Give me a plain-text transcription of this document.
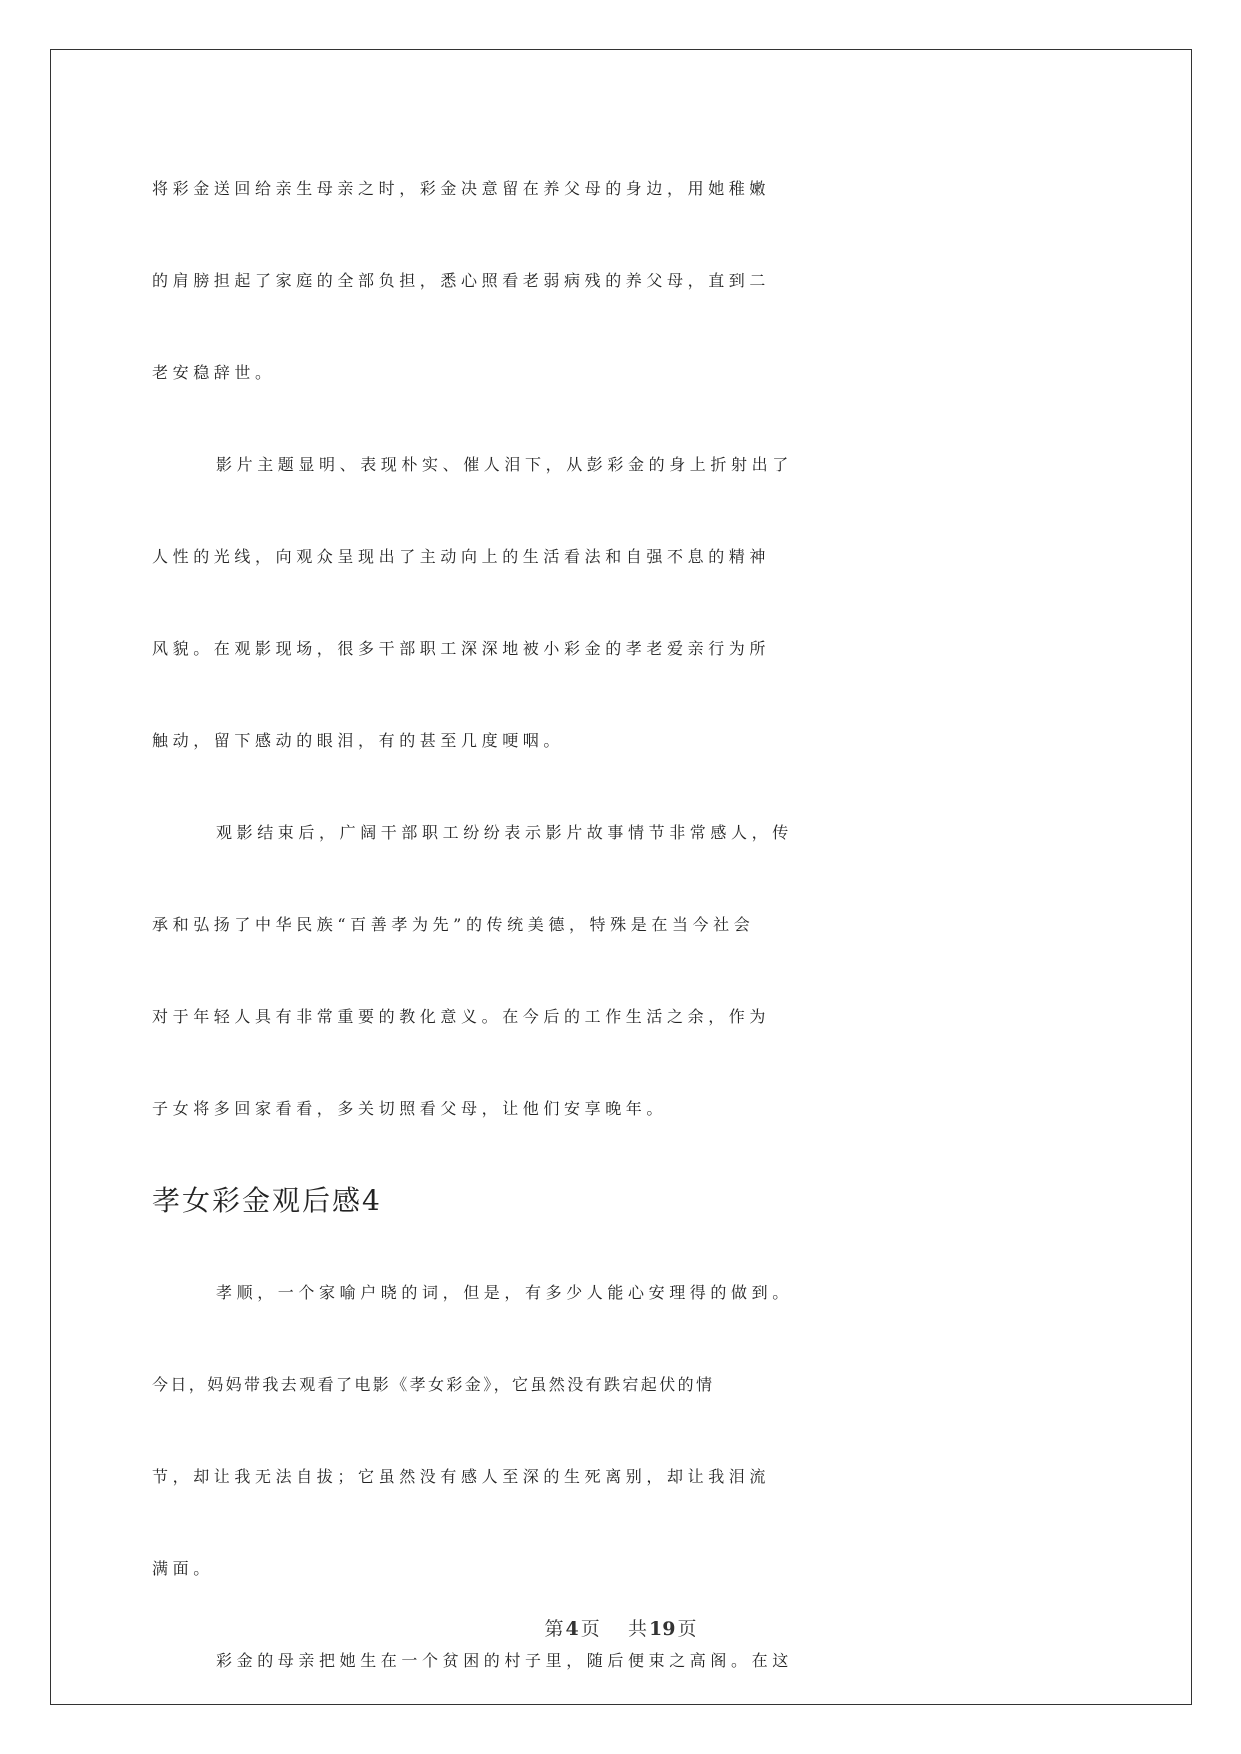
将彩金送回给亲生母亲之时，彩金决意留在养父母的身边，用她稚嫩
的肩膀担起了家庭的全部负担，悉心照看老弱病残的养父母，直到二
老安稳辞世。
影片主题显明、表现朴实、催人泪下，从彭彩金的身上折射出了
人性的光线，向观众呈现出了主动向上的生活看法和自强不息的精神
风貌。在观影现场，很多干部职工深深地被小彩金的孝老爱亲行为所
触动，留下感动的眼泪，有的甚至几度哽咽。
观影结束后，广阔干部职工纷纷表示影片故事情节非常感人，传
承和弘扬了中华民族“百善孝为先”的传统美德，特殊是在当今社会
对于年轻人具有非常重要的教化意义。在今后的工作生活之余，作为
子女将多回家看看，多关切照看父母，让他们安享晚年。
孝女彩金观后感4
孝顺，一个家喻户晓的词，但是，有多少人能心安理得的做到。
今日，妈妈带我去观看了电影《孝女彩金》，它虽然没有跌宕起伏的情
节，却让我无法自拔；它虽然没有感人至深的生死离别，却让我泪流
满面。
彩金的母亲把她生在一个贫困的村子里，随后便束之高阁。在这
第 4 页 共 19 页
